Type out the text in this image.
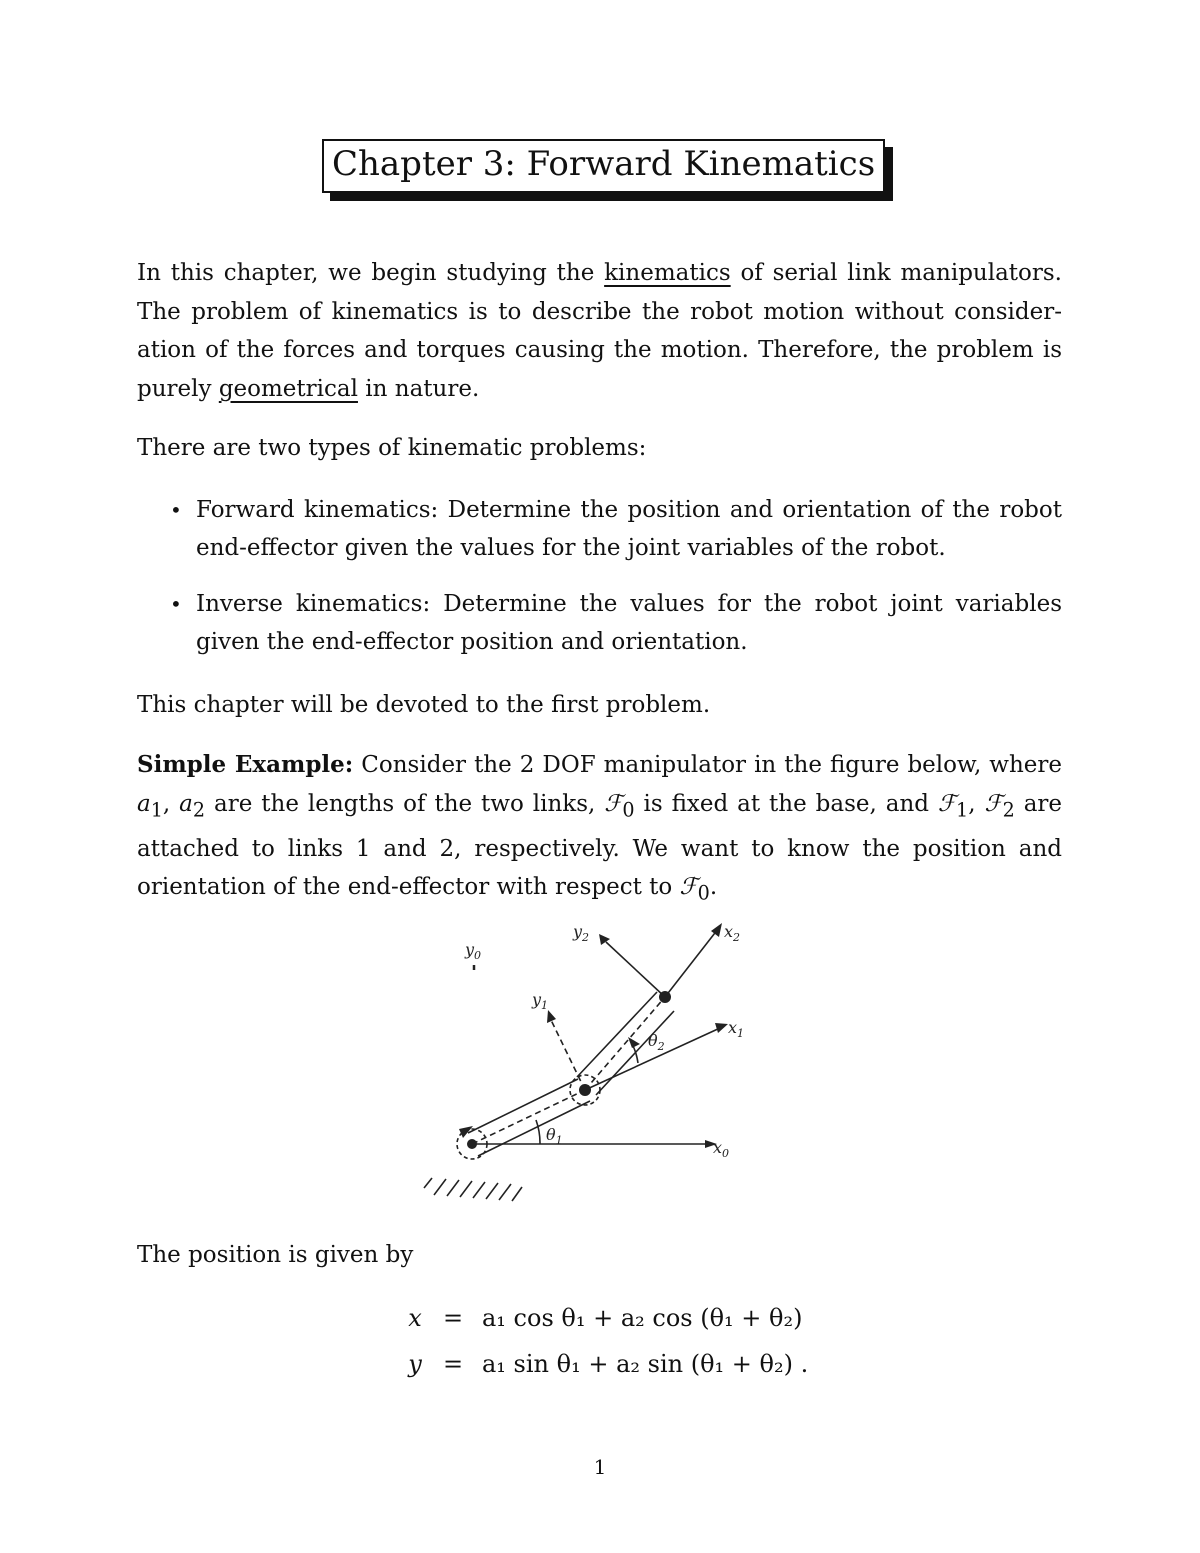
Chapter 3: Forward Kinematics
In this chapter, we begin studying the kinematics of serial link manipulators. The problem of kinematics is to describe the robot motion without consider-ation of the forces and torques causing the motion. Therefore, the problem is purely geometrical in nature.
There are two types of kinematic problems:
• Forward kinematics: Determine the position and orientation of the robot end-effector given the values for the joint variables of the robot.
• Inverse kinematics: Determine the values for the robot joint variables given the end-effector position and orientation.
This chapter will be devoted to the first problem.
Simple Example: Consider the 2 DOF manipulator in the figure below, where $a_1$, $a_2$ are the lengths of the two links, ℱ$_0$ is fixed at the base, and ℱ$_1$, ℱ$_2$ are attached to links 1 and 2, respectively. We want to know the position and orientation of the end-effector with respect to ℱ$_0$.
$y_0$
$y_1$
$y_2$
$x_0$
$x_1$
$x_2$
$\theta_1$
$\theta_2$
The position is given by
x = a₁ cos θ₁ + a₂ cos (θ₁ + θ₂)
y = a₁ sin θ₁ + a₂ sin (θ₁ + θ₂) .
1
